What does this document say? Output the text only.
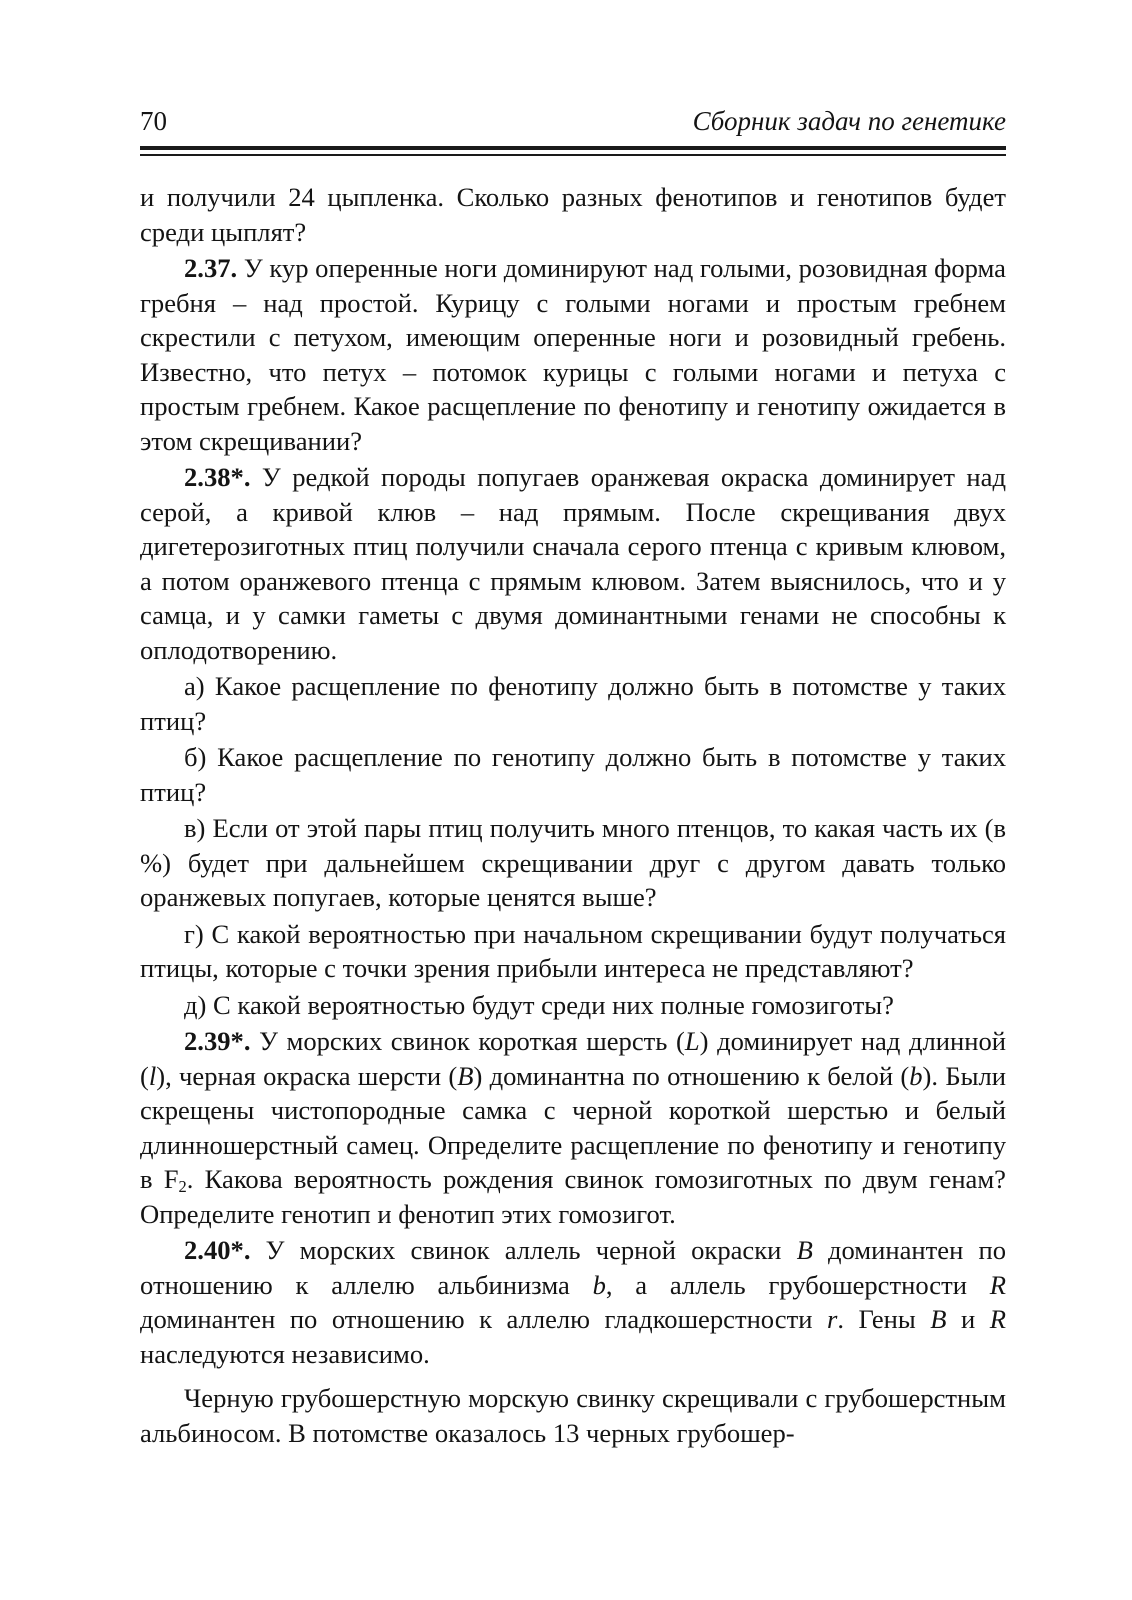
70	Сборник задач по генетике

и получили 24 цыпленка. Сколько разных фенотипов и генотипов будет среди цыплят?

2.37. У кур оперенные ноги доминируют над голыми, розовидная форма гребня – над простой. Курицу с голыми ногами и простым гребнем скрестили с петухом, имеющим оперенные ноги и розовидный гребень. Известно, что петух – потомок курицы с голыми ногами и петуха с простым гребнем. Какое расщепление по фенотипу и генотипу ожидается в этом скрещивании?

2.38*. У редкой породы попугаев оранжевая окраска доминирует над серой, а кривой клюв – над прямым. После скрещивания двух дигетерозиготных птиц получили сначала серого птенца с кривым клювом, а потом оранжевого птенца с прямым клювом. Затем выяснилось, что и у самца, и у самки гаметы с двумя доминантными генами не способны к оплодотворению.

а) Какое расщепление по фенотипу должно быть в потомстве у таких птиц?

б) Какое расщепление по генотипу должно быть в потомстве у таких птиц?

в) Если от этой пары птиц получить много птенцов, то какая часть их (в %) будет при дальнейшем скрещивании друг с другом давать только оранжевых попугаев, которые ценятся выше?

г) С какой вероятностью при начальном скрещивании будут получаться птицы, которые с точки зрения прибыли интереса не представляют?

д) С какой вероятностью будут среди них полные гомозиготы?

2.39*. У морских свинок короткая шерсть (L) доминирует над длинной (l), черная окраска шерсти (B) доминантна по отношению к белой (b). Были скрещены чистопородные самка с черной короткой шерстью и белый длинношерстный самец. Определите расщепление по фенотипу и генотипу в $F_2$. Какова вероятность рождения свинок гомозиготных по двум генам? Определите генотип и фенотип этих гомозигот.

2.40*. У морских свинок аллель черной окраски B доминантен по отношению к аллелю альбинизма b, а аллель грубошерстности R доминантен по отношению к аллелю гладкошерстности r. Гены B и R наследуются независимо.

Черную грубошерстную морскую свинку скрещивали с грубошерстным альбиносом. В потомстве оказалось 13 черных грубошер-
